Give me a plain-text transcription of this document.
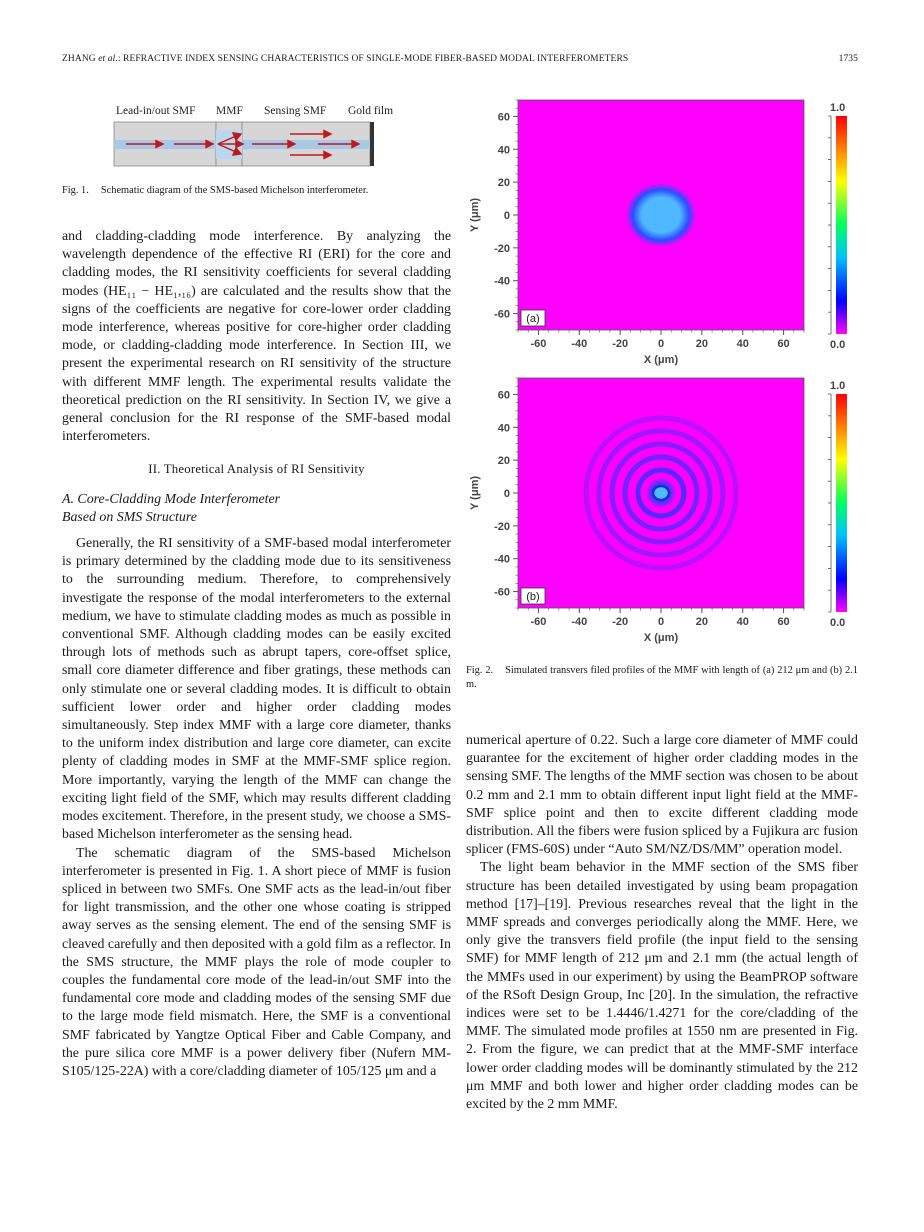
ZHANG et al.: REFRACTIVE INDEX SENSING CHARACTERISTICS OF SINGLE-MODE FIBER-BASED MODAL INTERFEROMETERS	1735
Lead-in/out SMF MMF Sensing SMF Gold film
Fig. 1. Schematic diagram of the SMS-based Michelson interferometer.

and cladding-cladding mode interference. By analyzing the wavelength dependence of the effective RI (ERI) for the core and cladding modes, the RI sensitivity coefficients for several cladding modes (HE₁₁ − HE₁,₁₆) are calculated and the results show that the signs of the coefficients are negative for core-lower order cladding mode interference, whereas positive for core-higher order cladding mode, or cladding-cladding mode interference. In Section III, we present the experimental research on RI sensitivity of the structure with different MMF length. The experimental results validate the theoretical prediction on the RI sensitivity. In Section IV, we give a general conclusion for the RI response of the SMF-based modal interferometers.

II. Theoretical Analysis of RI Sensitivity
A. Core-Cladding Mode Interferometer
Based on SMS Structure

Generally, the RI sensitivity of a SMF-based modal interferometer is primary determined by the cladding mode due to its sensitiveness to the surrounding medium. Therefore, to comprehensively investigate the response of the modal interferometers to the external medium, we have to stimulate cladding modes as much as possible in conventional SMF. Although cladding modes can be easily excited through lots of methods such as abrupt tapers, core-offset splice, small core diameter difference and fiber gratings, these methods can only stimulate one or several cladding modes. It is difficult to obtain sufficient lower order and higher order cladding modes simultaneously. Step index MMF with a large core diameter, thanks to the uniform index distribution and large core diameter, can excite plenty of cladding modes in SMF at the MMF-SMF splice region. More importantly, varying the length of the MMF can change the exciting light field of the SMF, which may results different cladding modes excitement. Therefore, in the present study, we choose a SMS-based Michelson interferometer as the sensing head.

The schematic diagram of the SMS-based Michelson interferometer is presented in Fig. 1. A short piece of MMF is fusion spliced in between two SMFs. One SMF acts as the lead-in/out fiber for light transmission, and the other one whose coating is stripped away serves as the sensing element. The end of the sensing SMF is cleaved carefully and then deposited with a gold film as a reflector. In the SMS structure, the MMF plays the role of mode coupler to couples the fundamental core mode of the lead-in/out SMF into the fundamental core mode and cladding modes of the sensing SMF due to the large mode field mismatch. Here, the SMF is a conventional SMF fabricated by Yangtze Optical Fiber and Cable Company, and the pure silica core MMF is a power delivery fiber (Nufern MM-S105/125-22A) with a core/cladding diameter of 105/125 μm and a

-60 -40 -20	0	20	40	60
60
40
20
0
-20
-40
-60
X (μm)
Y (μm)
(a)
1.0
0.0
-60 -40 -20	0	20	40	60
60
40
20
0
-20
-40
-60
X (μm)
Y (μm)
(b)
1.0
0.0
Fig. 2. Simulated transvers filed profiles of the MMF with length of (a) 212 μm and (b) 2.1 m.

numerical aperture of 0.22. Such a large core diameter of MMF could guarantee for the excitement of higher order cladding modes in the sensing SMF. The lengths of the MMF section was chosen to be about 0.2 mm and 2.1 mm to obtain different input light field at the MMF-SMF splice point and then to excite different cladding mode distribution. All the fibers were fusion spliced by a Fujikura arc fusion splicer (FMS-60S) under “Auto SM/NZ/DS/MM” operation model.

The light beam behavior in the MMF section of the SMS fiber structure has been detailed investigated by using beam propagation method [17]–[19]. Previous researches reveal that the light in the MMF spreads and converges periodically along the MMF. Here, we only give the transvers field profile (the input field to the sensing SMF) for MMF length of 212 μm and 2.1 mm (the actual length of the MMFs used in our experiment) by using the BeamPROP software of the RSoft Design Group, Inc [20]. In the simulation, the refractive indices were set to be 1.4446/1.4271 for the core/cladding of the MMF. The simulated mode profiles at 1550 nm are presented in Fig. 2. From the figure, we can predict that at the MMF-SMF interface lower order cladding modes will be dominantly stimulated by the 212 μm MMF and both lower and higher order cladding modes can be excited by the 2 mm MMF.
